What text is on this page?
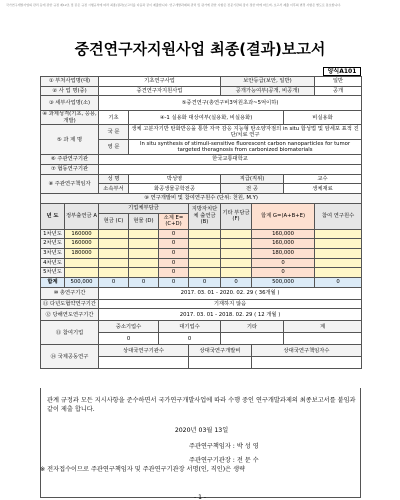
국가연구개발사업의 관리 등에 관한 규정 제12조 및 같은 규정 시행규칙에 따라 최종(결과)보고서를 다음과 같이 제출합니다. 연구개발과제의 관리 및 평가에 관한 사항은 전문기관의 장이 정한 바에 따르며, 보고서 제출 이후의 변경 사항은 별도로 통보합니다.
중견연구자지원사업 최종(결과)보고서
양식A101
① 부처사업명(대)		기초연구사업				보안등급(보안, 일반)			일반
② 사 업 명(중)		중견연구자지원사업				공개가능여부(공개, 비공개)			공개
③ 세부사업명(소)		⑤중견연구(총연구비3억원초과~5억이하)							
④ 과제성격(기초, 응용, 개발)		기초	④-1 실용화 대상여부(실용화, 비실용화)					비실용화	
⑤ 과 제 명		국 문	생체 고분자기반 탄화반응을 통한 자극 감응 지능형 탄소양자점의 in situ 합성법 및 암세포 표적 진단/치료 연구						
		영 문	In situ synthesis of stimuli-sensitive fluorescent carbon nanoparticles for tumor targeted theragnosis from carbonized biomaterials						
⑥ 주관연구기관		한국교통대학교							
⑦ 협동연구기관									
⑧ 주관연구책임자		성 명	박성영			직급(직위)		교수	
		소속부서	화공생물공학전공			전 공		생체재료	
⑨ 연구개발비 및 참여연구원수 (단위: 천원, M.Y)									
년 도	정부출연금 A	기업체부담금			지방자치단체 출연금 (B)	기타 부담금 (F)	합계 G=(A+B+E)		참여 연구원수
		현금 (C)	현물 (D)	소계 E=(C+D)					
1차년도	160000			0			160,000		
2차년도	160000			0			160,000		
3차년도	180000			0			180,000		
4차년도				0			0		
5차년도				0			0		
합계	500,000	0	0	0	0	0	500,000		0
⑩ 총연구기간		2017. 03. 01 - 2020. 02. 29 ( 36개월 )							
⑪ 다년도협약연구기간		기재하지 않음							
⑫ 당해연도연구기간		2017. 03. 01 - 2018. 02. 29 ( 12 개월 )							
⑬ 참여기업		중소기업수		대기업수		기타		계	
		0		0					
⑭ 국제공동연구		상대국연구기관수			상대국연구개발비		상대국연구책임자수		

관계 규정과 모든 지시사항을 준수하면서 국가연구개발사업에 따라 수행 중인 연구개발과제의 최종보고서를 붙임과 같이 제출 합니다.

2020년 03월 13일

주관연구책임자 : 박 성 영

주관연구기관장 : 전 문 수

※ 전자접수이므로 주관연구책임자 및 주관연구기관장 서명(인, 직인)은 생략
- 1 -
